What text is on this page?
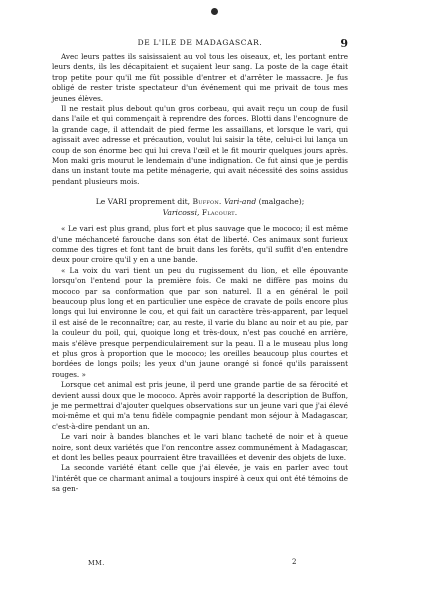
DE L'ILE DE MADAGASCAR.	9

Avec leurs pattes ils saisissaient au vol tous les oiseaux, et, les portant entre leurs dents, ils les décapitaient et suçaient leur sang. La poste de la cage était trop petite pour qu'il me fût possible d'entrer et d'arrêter le massacre. Je fus obligé de rester triste spectateur d'un événement qui me privait de tous mes jeunes élèves.

Il ne restait plus debout qu'un gros corbeau, qui avait reçu un coup de fusil dans l'aile et qui commençait à reprendre des forces. Blotti dans l'encognure de la grande cage, il attendait de pied ferme les assaillans, et lorsque le vari, qui agissait avec adresse et précaution, voulut lui saisir la tête, celui-ci lui lança un coup de son énorme bec qui lui creva l'œil et le fit mourir quelques jours après. Mon maki gris mourut le lendemain d'une indignation. Ce fut ainsi que je perdis dans un instant toute ma petite ménagerie, qui avait nécessité des soins assidus pendant plusieurs mois.

Le VARI proprement dit, Buffon. Vari-and (malgache);

Varicossi, Flacourt.

« Le vari est plus grand, plus fort et plus sauvage que le mococo; il est même d'une méchanceté farouche dans son état de liberté. Ces animaux sont furieux comme des tigres et font tant de bruit dans les forêts, qu'il suffit d'en entendre deux pour croire qu'il y en a une bande.

« La voix du vari tient un peu du rugissement du lion, et elle épouvante lorsqu'on l'entend pour la première fois. Ce maki ne diffère pas moins du mococo par sa conformation que par son naturel. Il a en général le poil beaucoup plus long et en particulier une espèce de cravate de poils encore plus longs qui lui environne le cou, et qui fait un caractère très-apparent, par lequel il est aisé de le reconnaître; car, au reste, il varie du blanc au noir et au pie, par la couleur du poil, qui, quoique long et très-doux, n'est pas couché en arrière, mais s'élève presque perpendiculairement sur la peau. Il a le museau plus long et plus gros à proportion que le mococo; les oreilles beaucoup plus courtes et bordées de longs poils; les yeux d'un jaune orangé si foncé qu'ils paraissent rouges. »

Lorsque cet animal est pris jeune, il perd une grande partie de sa férocité et devient aussi doux que le mococo. Après avoir rapporté la description de Buffon, je me permettrai d'ajouter quelques observations sur un jeune vari que j'ai élevé moi-même et qui m'a tenu fidèle compagnie pendant mon séjour à Madagascar, c'est-à-dire pendant un an.

Le vari noir à bandes blanches et le vari blanc tacheté de noir et à queue noire, sont deux variétés que l'on rencontre assez communément à Madagascar, et dont les belles peaux pourraient être travaillées et devenir des objets de luxe.

La seconde variété étant celle que j'ai élevée, je vais en parler avec tout l'intérêt que ce charmant animal a toujours inspiré à ceux qui ont été témoins de sa gen-

MM.	2
